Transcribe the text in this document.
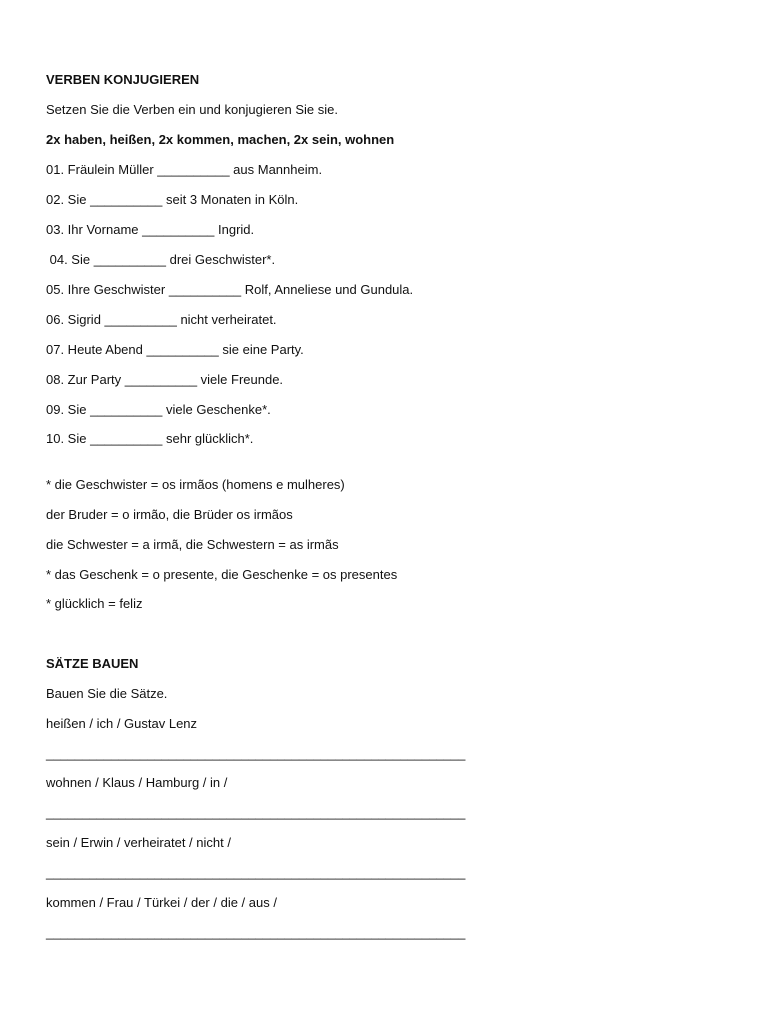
VERBEN KONJUGIEREN
Setzen Sie die Verben ein und konjugieren Sie sie.
2x haben, heißen, 2x kommen, machen, 2x sein, wohnen
01. Fräulein Müller __________ aus Mannheim.
02. Sie __________ seit 3 Monaten in Köln.
03. Ihr Vorname __________ Ingrid.
04. Sie __________ drei Geschwister*.
05. Ihre Geschwister __________ Rolf, Anneliese und Gundula.
06. Sigrid __________ nicht verheiratet.
07. Heute Abend __________ sie eine Party.
08. Zur Party __________ viele Freunde.
09. Sie __________ viele Geschenke*.
10. Sie __________ sehr glücklich*.
* die Geschwister = os irmãos (homens e mulheres)
der Bruder = o irmão, die Brüder os irmãos
die Schwester = a irmã, die Schwestern = as irmãs
* das Geschenk = o presente, die Geschenke = os presentes
* glücklich = feliz
SÄTZE BAUEN
Bauen Sie die Sätze.
heißen / ich / Gustav Lenz
__________________________________________________________
wohnen / Klaus / Hamburg / in /
__________________________________________________________
sein / Erwin / verheiratet / nicht /
__________________________________________________________
kommen / Frau / Türkei / der / die / aus /
__________________________________________________________
